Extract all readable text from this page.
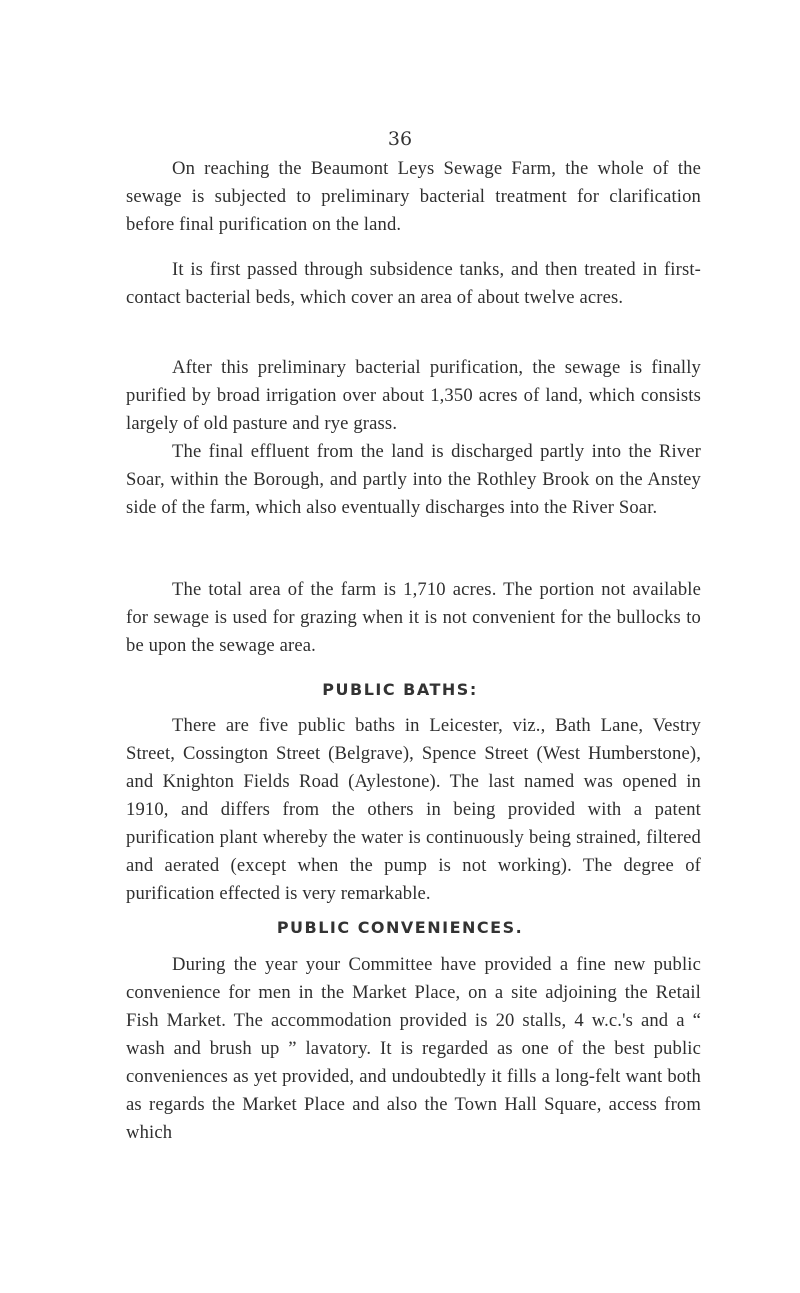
36

On reaching the Beaumont Leys Sewage Farm, the whole of the sewage is subjected to preliminary bacterial treatment for clarification before final purification on the land.

It is first passed through subsidence tanks, and then treated in first-contact bacterial beds, which cover an area of about twelve acres.

After this preliminary bacterial purification, the sewage is finally purified by broad irrigation over about 1,350 acres of land, which consists largely of old pasture and rye grass.

The final effluent from the land is discharged partly into the River Soar, within the Borough, and partly into the Rothley Brook on the Anstey side of the farm, which also eventually discharges into the River Soar.

The total area of the farm is 1,710 acres. The portion not available for sewage is used for grazing when it is not convenient for the bullocks to be upon the sewage area.

PUBLIC BATHS:

There are five public baths in Leicester, viz., Bath Lane, Vestry Street, Cossington Street (Belgrave), Spence Street (West Humberstone), and Knighton Fields Road (Aylestone). The last named was opened in 1910, and differs from the others in being provided with a patent purification plant whereby the water is continuously being strained, filtered and aerated (except when the pump is not working). The degree of purification effected is very remarkable.

PUBLIC CONVENIENCES.

During the year your Committee have provided a fine new public convenience for men in the Market Place, on a site adjoining the Retail Fish Market. The accommodation provided is 20 stalls, 4 w.c.'s and a “ wash and brush up ” lavatory. It is regarded as one of the best public conveniences as yet provided, and undoubtedly it fills a long-felt want both as regards the Market Place and also the Town Hall Square, access from which
